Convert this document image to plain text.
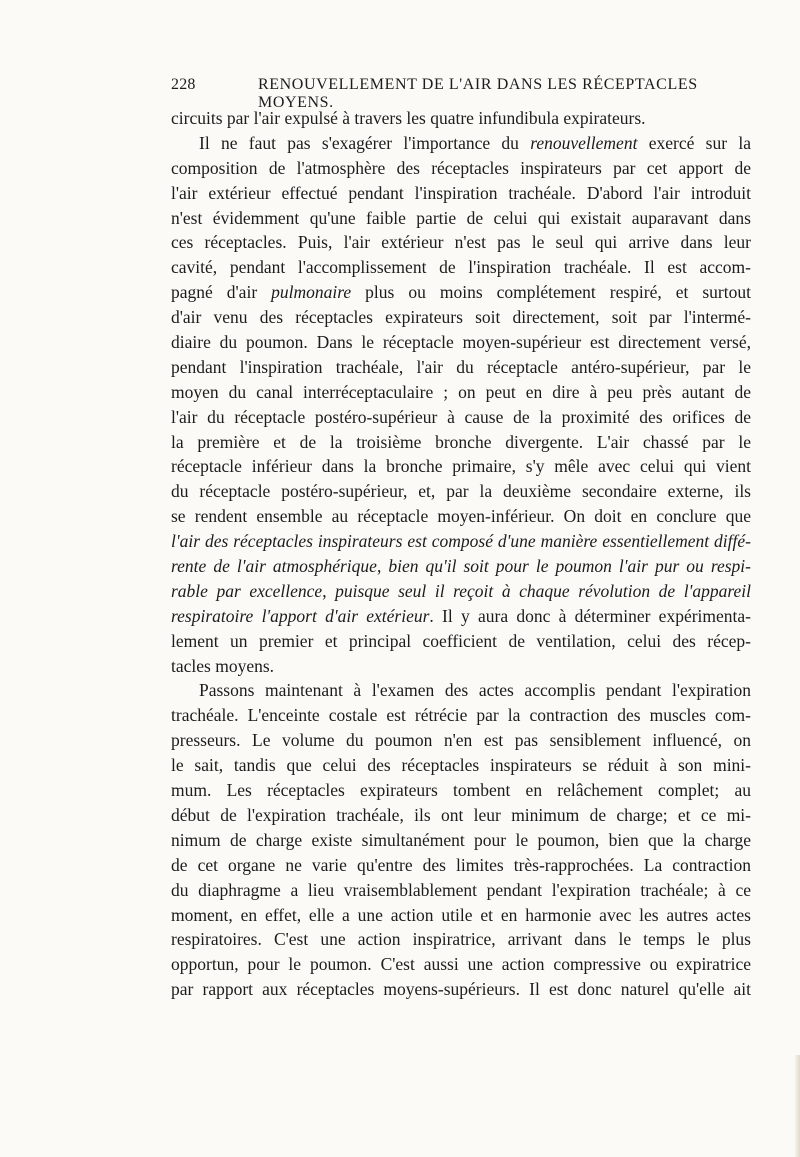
228	RENOUVELLEMENT DE L'AIR DANS LES RÉCEPTACLES MOYENS.
circuits par l'air expulsé à travers les quatre infundibula expirateurs.
Il ne faut pas s'exagérer l'importance du renouvellement exercé sur la
composition de l'atmosphère des réceptacles inspirateurs par cet apport de
l'air extérieur effectué pendant l'inspiration trachéale. D'abord l'air introduit
n'est évidemment qu'une faible partie de celui qui existait auparavant dans
ces réceptacles. Puis, l'air extérieur n'est pas le seul qui arrive dans leur
cavité, pendant l'accomplissement de l'inspiration trachéale. Il est accom-
pagné d'air pulmonaire plus ou moins complétement respiré, et surtout
d'air venu des réceptacles expirateurs soit directement, soit par l'intermé-
diaire du poumon. Dans le réceptacle moyen-supérieur est directement versé,
pendant l'inspiration trachéale, l'air du réceptacle antéro-supérieur, par le
moyen du canal interréceptaculaire ; on peut en dire à peu près autant de
l'air du réceptacle postéro-supérieur à cause de la proximité des orifices de
la première et de la troisième bronche divergente. L'air chassé par le
réceptacle inférieur dans la bronche primaire, s'y mêle avec celui qui vient
du réceptacle postéro-supérieur, et, par la deuxième secondaire externe, ils
se rendent ensemble au réceptacle moyen-inférieur. On doit en conclure que
l'air des réceptacles inspirateurs est composé d'une manière essentiellement diffé-
rente de l'air atmosphérique, bien qu'il soit pour le poumon l'air pur ou respi-
rable par excellence, puisque seul il reçoit à chaque révolution de l'appareil
respiratoire l'apport d'air extérieur. Il y aura donc à déterminer expérimenta-
lement un premier et principal coefficient de ventilation, celui des récep-
tacles moyens.
Passons maintenant à l'examen des actes accomplis pendant l'expiration
trachéale. L'enceinte costale est rétrécie par la contraction des muscles com-
presseurs. Le volume du poumon n'en est pas sensiblement influencé, on
le sait, tandis que celui des réceptacles inspirateurs se réduit à son mini-
mum. Les réceptacles expirateurs tombent en relâchement complet; au
début de l'expiration trachéale, ils ont leur minimum de charge; et ce mi-
nimum de charge existe simultanément pour le poumon, bien que la charge
de cet organe ne varie qu'entre des limites très-rapprochées. La contraction
du diaphragme a lieu vraisemblablement pendant l'expiration trachéale; à ce
moment, en effet, elle a une action utile et en harmonie avec les autres actes
respiratoires. C'est une action inspiratrice, arrivant dans le temps le plus
opportun, pour le poumon. C'est aussi une action compressive ou expiratrice
par rapport aux réceptacles moyens-supérieurs. Il est donc naturel qu'elle ait
